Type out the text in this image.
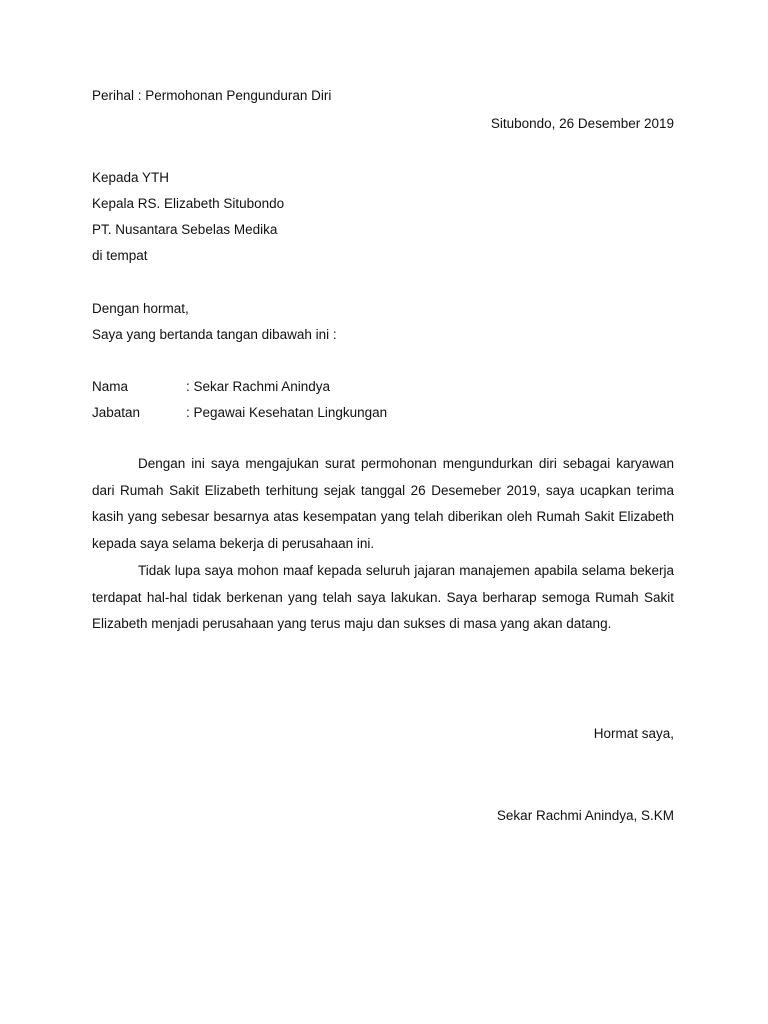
Perihal : Permohonan Pengunduran Diri
Situbondo, 26 Desember 2019
Kepada YTH
Kepala RS. Elizabeth Situbondo
PT. Nusantara Sebelas Medika
di tempat
Dengan hormat,
Saya yang bertanda tangan dibawah ini :
Nama	: Sekar Rachmi Anindya
Jabatan	: Pegawai Kesehatan Lingkungan

Dengan ini saya mengajukan surat permohonan mengundurkan diri sebagai karyawan dari Rumah Sakit Elizabeth terhitung sejak tanggal 26 Desemeber 2019, saya ucapkan terima kasih yang sebesar besarnya atas kesempatan yang telah diberikan oleh Rumah Sakit Elizabeth kepada saya selama bekerja di perusahaan ini.

Tidak lupa saya mohon maaf kepada seluruh jajaran manajemen apabila selama bekerja terdapat hal-hal tidak berkenan yang telah saya lakukan. Saya berharap semoga Rumah Sakit Elizabeth menjadi perusahaan yang terus maju dan sukses di masa yang akan datang.

Hormat saya,
Sekar Rachmi Anindya, S.KM
